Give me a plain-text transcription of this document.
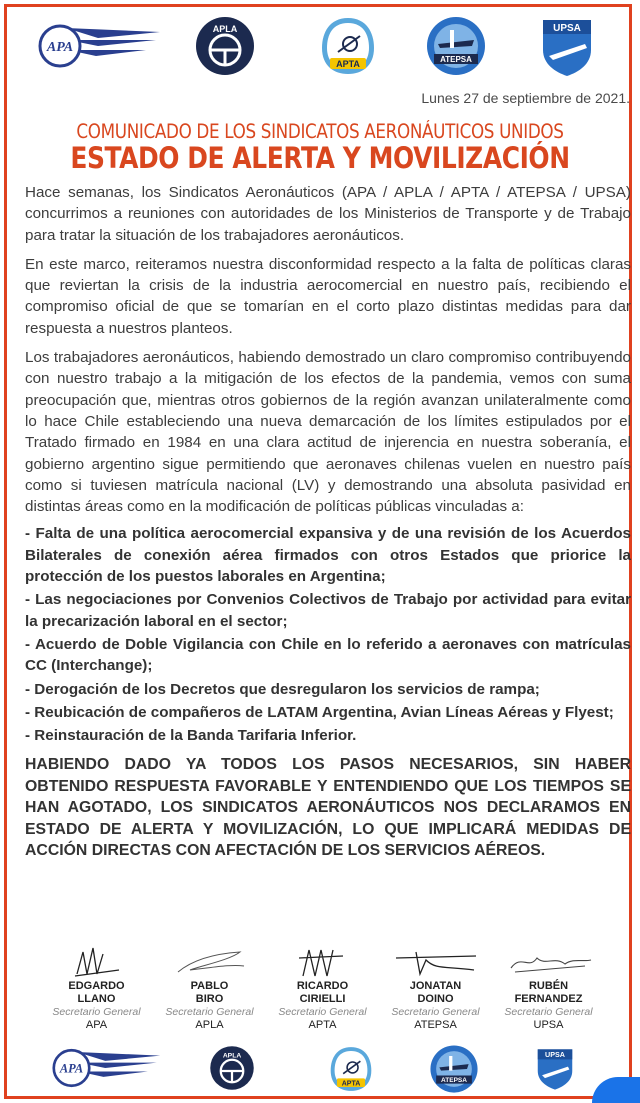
APA
APLA
APTA	ATEPSA
UPSA
Lunes 27 de septiembre de 2021.
COMUNICADO DE LOS SINDICATOS AERONÁUTICOS UNIDOS
ESTADO DE ALERTA Y MOVILIZACIÓN

Hace semanas, los Sindicatos Aeronáuticos (APA / APLA / APTA / ATEPSA / UPSA) concurrimos a reuniones con autoridades de los Ministerios de Transporte y de Trabajo para tratar la situación de los trabajadores aeronáuticos.

En este marco, reiteramos nuestra disconformidad respecto a la falta de políticas claras que reviertan la crisis de la industria aerocomercial en nuestro país, recibiendo el compromiso oficial de que se tomarían en el corto plazo distintas medidas para dar respuesta a nuestros planteos.

Los trabajadores aeronáuticos, habiendo demostrado un claro compromiso contribuyendo con nuestro trabajo a la mitigación de los efectos de la pandemia, vemos con suma preocupación que, mientras otros gobiernos de la región avanzan unilateralmente como lo hace Chile estableciendo una nueva demarcación de los límites estipulados por el Tratado firmado en 1984 en una clara actitud de injerencia en nuestra soberanía, el gobierno argentino sigue permitiendo que aeronaves chilenas vuelen en nuestro país como si tuviesen matrícula nacional (LV) y demostrando una absoluta pasividad en distintas áreas como en la modificación de políticas públicas vinculadas a:

- Falta de una política aerocomercial expansiva y de una revisión de los Acuerdos Bilaterales de conexión aérea firmados con otros Estados que priorice la protección de los puestos laborales en Argentina;
- Las negociaciones por Convenios Colectivos de Trabajo por actividad para evitar la precarización laboral en el sector;
- Acuerdo de Doble Vigilancia con Chile en lo referido a aeronaves con matrículas CC (Interchange);
- Derogación de los Decretos que desregularon los servicios de rampa;
- Reubicación de compañeros de LATAM Argentina, Avian Líneas Aéreas y Flyest;
- Reinstauración de la Banda Tarifaria Inferior.
HABIENDO DADO YA TODOS LOS PASOS NECESARIOS, SIN HABER OBTENIDO RESPUESTA FAVORABLE Y ENTENDIENDO QUE LOS TIEMPOS SE HAN AGOTADO, LOS SINDICATOS AERONÁUTICOS NOS DECLARAMOS EN ESTADO DE ALERTA Y MOVILIZACIÓN, LO QUE IMPLICARÁ MEDIDAS DE ACCIÓN DIRECTAS CON AFECTACIÓN DE LOS SERVICIOS AÉREOS.
EDGARDO
LLANO
Secretario General
APA
PABLO
BIRO
Secretario General
APLA
RICARDO
CIRIELLI
Secretario General
APTA
JONATAN
DOINO
Secretario General
ATEPSA
RUBÉN
FERNANDEZ
Secretario General
UPSA
APA
APLA
APTA	ATEPSA
UPSA
